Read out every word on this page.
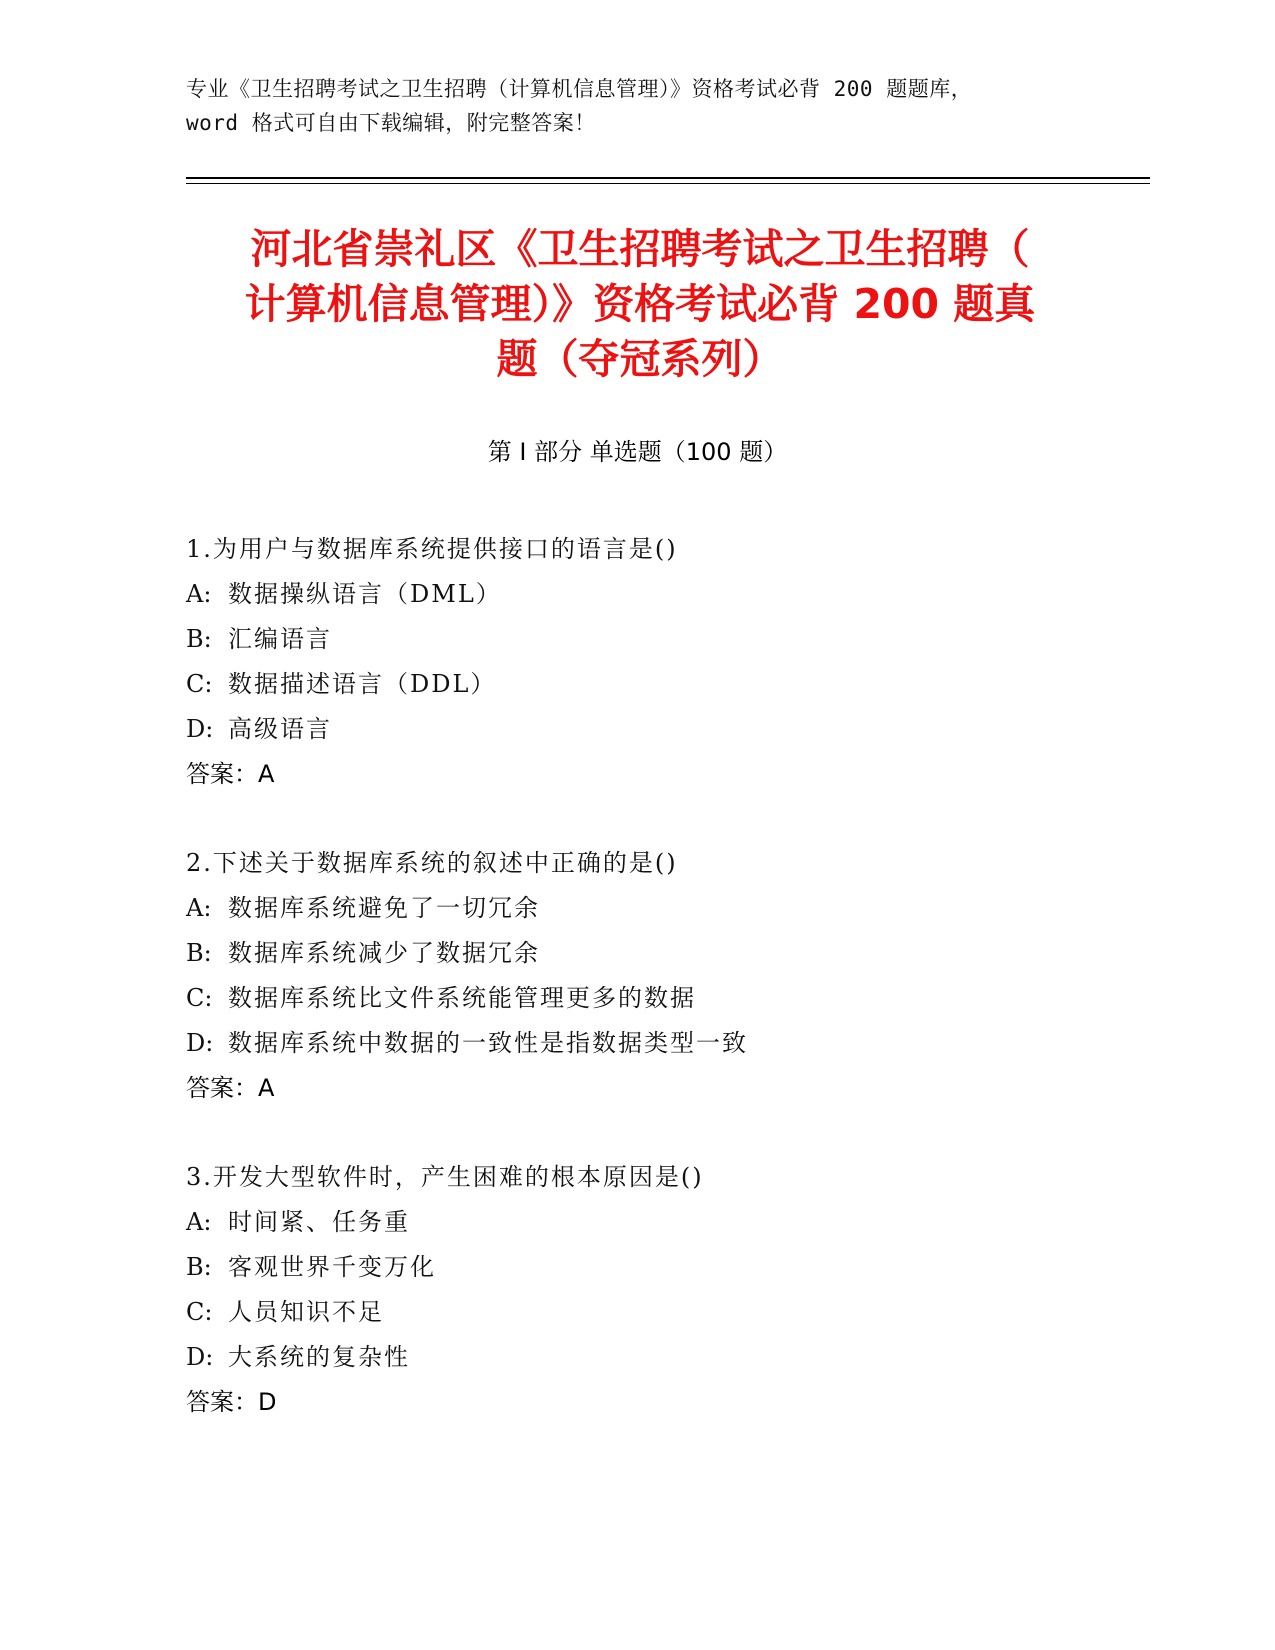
专业《卫生招聘考试之卫生招聘（计算机信息管理）》资格考试必背 200 题题库，
word 格式可自由下载编辑，附完整答案！
河北省崇礼区《卫生招聘考试之卫生招聘（
计算机信息管理）》资格考试必背 200 题真
题（夺冠系列）
第 I 部分 单选题（100 题）
1.为用户与数据库系统提供接口的语言是()
A: 数据操纵语言（DML）
B: 汇编语言
C: 数据描述语言（DDL）
D: 高级语言
答案：A
2.下述关于数据库系统的叙述中正确的是()
A: 数据库系统避免了一切冗余
B: 数据库系统减少了数据冗余
C: 数据库系统比文件系统能管理更多的数据
D: 数据库系统中数据的一致性是指数据类型一致
答案：A
3.开发大型软件时，产生困难的根本原因是()
A: 时间紧、任务重
B: 客观世界千变万化
C: 人员知识不足
D: 大系统的复杂性
答案：D
